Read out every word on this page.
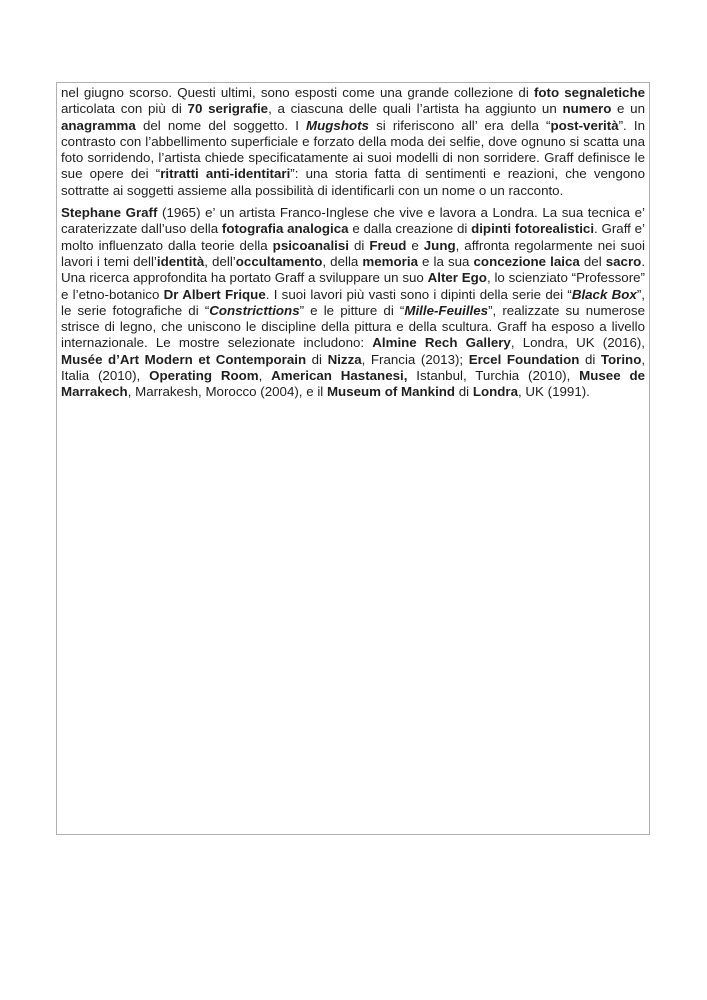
nel giugno scorso. Questi ultimi, sono esposti come una grande collezione di foto segnaletiche articolata con più di 70 serigrafie, a ciascuna delle quali l’artista ha aggiunto un numero e un anagramma del nome del soggetto. I Mugshots si riferiscono all’ era della “post-verità”. In contrasto con l’abbellimento superficiale e forzato della moda dei selfie, dove ognuno si scatta una foto sorridendo, l’artista chiede specificatamente ai suoi modelli di non sorridere. Graff definisce le sue opere dei “ritratti anti-identitari”: una storia fatta di sentimenti e reazioni, che vengono sottratte ai soggetti assieme alla possibilità di identificarli con un nome o un racconto.

Stephane Graff (1965) e’ un artista Franco-Inglese che vive e lavora a Londra. La sua tecnica e’ caraterizzate dall’uso della fotografia analogica e dalla creazione di dipinti fotorealistici. Graff e’ molto influenzato dalla teorie della psicoanalisi di Freud e Jung, affronta regolarmente nei suoi lavori i temi dell’identità, dell’occultamento, della memoria e la sua concezione laica del sacro. Una ricerca approfondita ha portato Graff a sviluppare un suo Alter Ego, lo scienziato “Professore” e l’etno-botanico Dr Albert Frique. I suoi lavori più vasti sono i dipinti della serie dei “Black Box”, le serie fotografiche di “Constricttions” e le pitture di “Mille-Feuilles”, realizzate su numerose strisce di legno, che uniscono le discipline della pittura e della scultura. Graff ha esposo a livello internazionale. Le mostre selezionate includono: Almine Rech Gallery, Londra, UK (2016), Musée d’Art Modern et Contemporain di Nizza, Francia (2013); Ercel Foundation di Torino, Italia (2010), Operating Room, American Hastanesi, Istanbul, Turchia (2010), Musee de Marrakech, Marrakesh, Morocco (2004), e il Museum of Mankind di Londra, UK (1991).
